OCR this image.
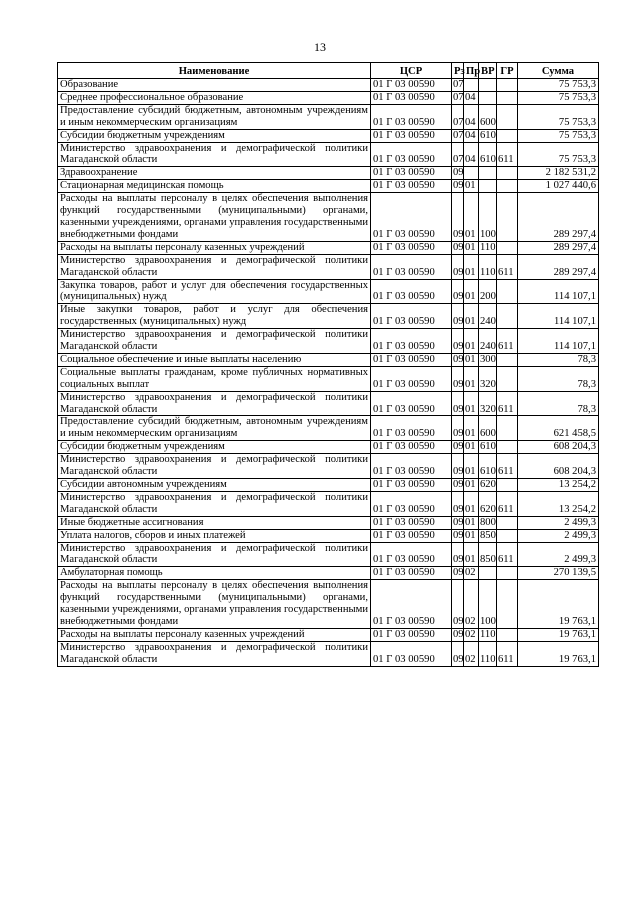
13
Наименование	ЦСР	Рз	Пр	ВР	ГР	Сумма
Образование	01 Г 03 00590	07				75 753,3
Среднее профессиональное образование	01 Г 03 00590	07	04			75 753,3
Предоставление субсидий бюджетным, автономным учреждениям и иным некоммерческим организациям	01 Г 03 00590	07	04	600		75 753,3
Субсидии бюджетным учреждениям	01 Г 03 00590	07	04	610		75 753,3
Министерство здравоохранения и демографической политики Магаданской области	01 Г 03 00590	07	04	610	611	75 753,3
Здравоохранение	01 Г 03 00590	09				2 182 531,2
Стационарная медицинская помощь	01 Г 03 00590	09	01			1 027 440,6
Расходы на выплаты персоналу в целях обеспечения выполнения функций государственными (муниципальными) органами, казенными учреждениями, органами управления государственными внебюджетными фондами	01 Г 03 00590	09	01	100		289 297,4
Расходы на выплаты персоналу казенных учреждений	01 Г 03 00590	09	01	110		289 297,4
Министерство здравоохранения и демографической политики Магаданской области	01 Г 03 00590	09	01	110	611	289 297,4
Закупка товаров, работ и услуг для обеспечения государственных (муниципальных) нужд	01 Г 03 00590	09	01	200		114 107,1
Иные закупки товаров, работ и услуг для обеспечения государственных (муниципальных) нужд	01 Г 03 00590	09	01	240		114 107,1
Министерство здравоохранения и демографической политики Магаданской области	01 Г 03 00590	09	01	240	611	114 107,1
Социальное обеспечение и иные выплаты населению	01 Г 03 00590	09	01	300		78,3
Социальные выплаты гражданам, кроме публичных нормативных социальных выплат	01 Г 03 00590	09	01	320		78,3
Министерство здравоохранения и демографической политики Магаданской области	01 Г 03 00590	09	01	320	611	78,3
Предоставление субсидий бюджетным, автономным учреждениям и иным некоммерческим организациям	01 Г 03 00590	09	01	600		621 458,5
Субсидии бюджетным учреждениям	01 Г 03 00590	09	01	610		608 204,3
Министерство здравоохранения и демографической политики Магаданской области	01 Г 03 00590	09	01	610	611	608 204,3
Субсидии автономным учреждениям	01 Г 03 00590	09	01	620		13 254,2
Министерство здравоохранения и демографической политики Магаданской области	01 Г 03 00590	09	01	620	611	13 254,2
Иные бюджетные ассигнования	01 Г 03 00590	09	01	800		2 499,3
Уплата налогов, сборов и иных платежей	01 Г 03 00590	09	01	850		2 499,3
Министерство здравоохранения и демографической политики Магаданской области	01 Г 03 00590	09	01	850	611	2 499,3
Амбулаторная помощь	01 Г 03 00590	09	02			270 139,5
Расходы на выплаты персоналу в целях обеспечения выполнения функций государственными (муниципальными) органами, казенными учреждениями, органами управления государственными внебюджетными фондами	01 Г 03 00590	09	02	100		19 763,1
Расходы на выплаты персоналу казенных учреждений	01 Г 03 00590	09	02	110		19 763,1
Министерство здравоохранения и демографической политики Магаданской области	01 Г 03 00590	09	02	110	611	19 763,1
